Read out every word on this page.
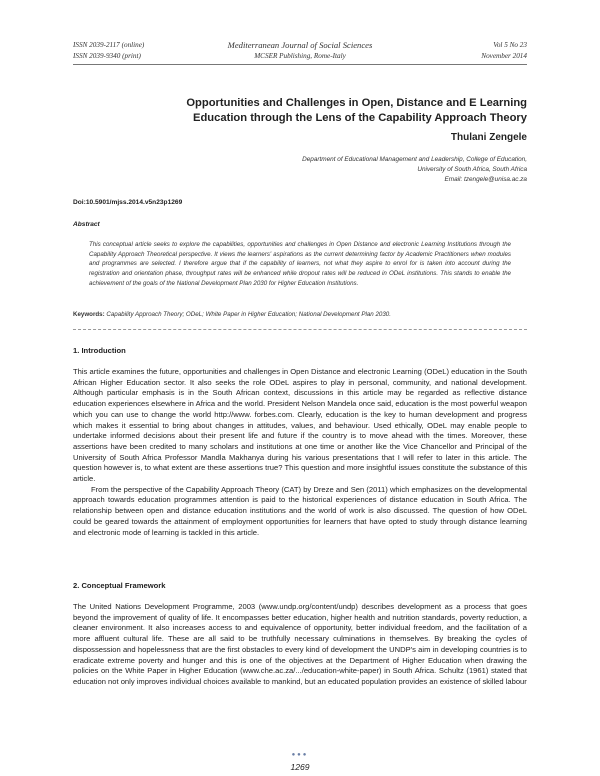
ISSN 2039-2117 (online)
ISSN 2039-9340 (print)
Mediterranean Journal of Social Sciences
MCSER Publishing, Rome-Italy
Vol 5 No 23
November 2014
Opportunities and Challenges in Open, Distance and E Learning
Education through the Lens of the Capability Approach Theory
Thulani Zengele
Department of Educational Management and Leadership, College of Education,
University of South Africa, South Africa
Email: tzengele@unisa.ac.za
Doi:10.5901/mjss.2014.v5n23p1269
Abstract
This conceptual article seeks to explore the capabilities, opportunities and challenges in Open Distance and electronic Learning Institutions through the Capability Approach Theoretical perspective. It views the learners' aspirations as the current determining factor by Academic Practitioners when modules and programmes are selected. I therefore argue that if the capability of learners, not what they aspire to enrol for is taken into account during the registration and orientation phase, throughput rates will be enhanced while dropout rates will be reduced in ODeL institutions. This stands to enable the achievement of the goals of the National Development Plan 2030 for Higher Education Institutions.
Keywords: Capability Approach Theory; ODeL; White Paper in Higher Education; National Development Plan 2030.
1. Introduction

This article examines the future, opportunities and challenges in Open Distance and electronic Learning (ODeL) education in the South African Higher Education sector. It also seeks the role ODeL aspires to play in personal, community, and national development. Although particular emphasis is in the South African context, discussions in this article may be regarded as reflective distance education experiences elsewhere in Africa and the world. President Nelson Mandela once said, education is the most powerful weapon which you can use to change the world http://www. forbes.com. Clearly, education is the key to human development and progress which makes it essential to bring about changes in attitudes, values, and behaviour. Used ethically, ODeL may enable people to undertake informed decisions about their present life and future if the country is to move ahead with the times. Moreover, these assertions have been credited to many scholars and institutions at one time or another like the Vice Chancellor and Principal of the University of South Africa Professor Mandla Makhanya during his various presentations that I will refer to later in this article. The question however is, to what extent are these assertions true? This question and more insightful issues constitute the substance of this article.

From the perspective of the Capability Approach Theory (CAT) by Dreze and Sen (2011) which emphasizes on the developmental approach towards education programmes attention is paid to the historical experiences of distance education in South Africa. The relationship between open and distance education institutions and the world of work is also discussed. The question of how ODeL could be geared towards the attainment of employment opportunities for learners that have opted to study through distance learning and electronic mode of learning is tackled in this article.

2. Conceptual Framework

The United Nations Development Programme, 2003 (www.undp.org/content/undp) describes development as a process that goes beyond the improvement of quality of life. It encompasses better education, higher health and nutrition standards, poverty reduction, a cleaner environment. It also increases access to and equivalence of opportunity, better individual freedom, and the facilitation of a more affluent cultural life. These are all said to be truthfully necessary culminations in themselves. By breaking the cycles of dispossession and hopelessness that are the first obstacles to every kind of development the UNDP's aim in developing countries is to eradicate extreme poverty and hunger and this is one of the objectives at the Department of Higher Education when drawing the policies on the White Paper in Higher Education (www.che.ac.za/.../education-white-paper) in South Africa. Schultz (1961) stated that education not only improves individual choices available to mankind, but an educated population provides an existence of skilled labour

●●●
1269
